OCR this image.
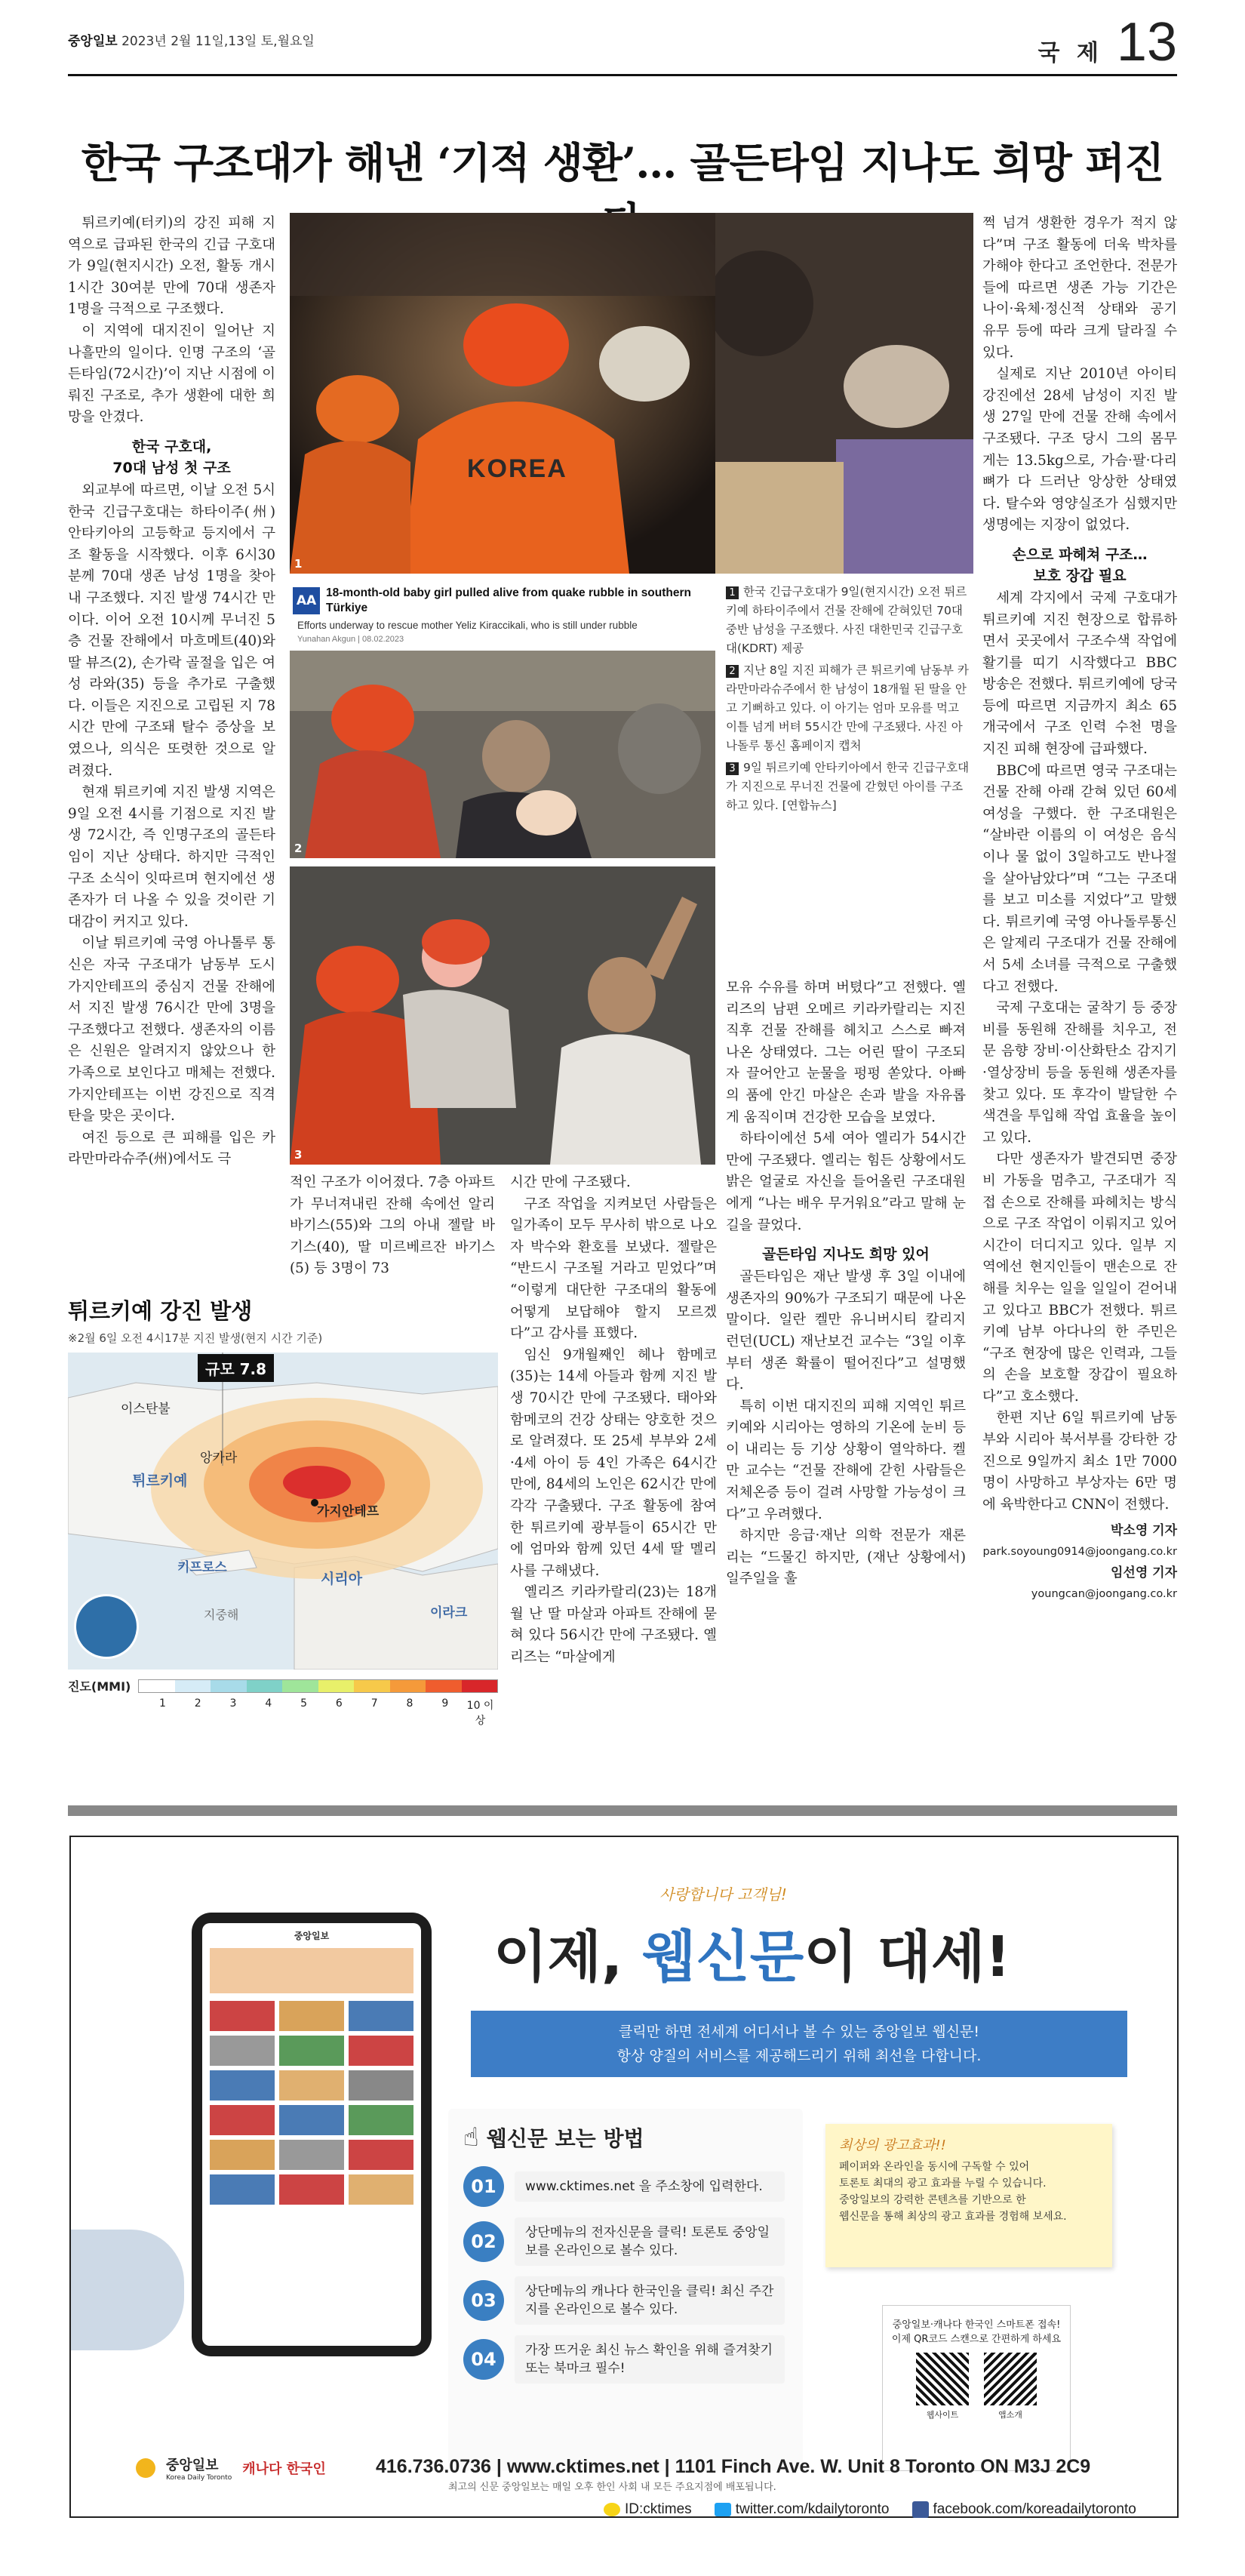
중앙일보 2023년 2월 11일,13일 토,월요일	국 제 13
한국 구조대가 해낸 ‘기적 생환’… 골든타임 지나도 희망 퍼진

튀르키예(터키)의 강진 피해 지역으로 급파된 한국의 긴급 구호대가 9일(현지시간) 오전, 활동 개시 1시간 30여분 만에 70대 생존자 1명을 극적으로 구조했다.

이 지역에 대지진이 일어난 지 나흘만의 일이다. 인명 구조의 ‘골든타임(72시간)’이 지난 시점에 이뤄진 구조로, 추가 생환에 대한 희망을 안겼다.

한국 구호대,
70대 남성 첫 구조

외교부에 따르면, 이날 오전 5시 한국 긴급구호대는 하타이주(州) 안타키아의 고등학교 등지에서 구조 활동을 시작했다. 이후 6시30분께 70대 생존 남성 1명을 찾아내 구조했다. 지진 발생 74시간 만이다. 이어 오전 10시께 무너진 5층 건물 잔해에서 마흐메트(40)와 딸 뷰즈(2), 손가락 골절을 입은 여성 라와(35) 등을 추가로 구출했다. 이들은 지진으로 고립된 지 78시간 만에 구조돼 탈수 증상을 보였으나, 의식은 또렷한 것으로 알려졌다.

현재 튀르키예 지진 발생 지역은 9일 오전 4시를 기점으로 지진 발생 72시간, 즉 인명구조의 골든타임이 지난 상태다. 하지만 극적인 구조 소식이 잇따르며 현지에선 생존자가 더 나올 수 있을 것이란 기대감이 커지고 있다.

이날 튀르키예 국영 아나톨루 통신은 자국 구조대가 남동부 도시 가지안테프의 중심지 건물 잔해에서 지진 발생 76시간 만에 3명을 구조했다고 전했다. 생존자의 이름은 신원은 알려지지 않았으나 한 가족으로 보인다고 매체는 전했다. 가지안테프는 이번 강진으로 직격탄을 맞은 곳이다.

여진 등으로 큰 피해를 입은 카라만마라슈주(州)에서도 극

KOREA
1
AA
18-month-old baby girl pulled alive from quake rubble in southern Türkiye
Efforts underway to rescue mother Yeliz Kiraccikali, who is still under rubble
Yunahan Akgun | 08.02.2023
2
3
1 한국 긴급구호대가 9일(현지시간) 오전 튀르키예 하타이주에서 건물 잔해에 갇혀있던 70대 중반 남성을 구조했다. 사진 대한민국 긴급구호대(KDRT) 제공
2 지난 8일 지진 피해가 큰 튀르키예 남동부 카라만마라슈주에서 한 남성이 18개월 된 딸을 안고 기뻐하고 있다. 이 아기는 엄마 모유를 먹고 이틀 넘게 버텨 55시간 만에 구조됐다. 사진 아나돌루 통신 홈페이지 캡처
3 9일 튀르키예 안타키아에서 한국 긴급구호대가 지진으로 무너진 건물에 갇혔던 아이를 구조하고 있다. [연합뉴스]

적인 구조가 이어졌다. 7층 아파트가 무너져내린 잔해 속에선 알리 바기스(55)와 그의 아내 젤랄 바기스(40), 딸 미르베르잔 바기스(5) 등 3명이 73

시간 만에 구조됐다.

구조 작업을 지켜보던 사람들은 일가족이 모두 무사히 밖으로 나오자 박수와 환호를 보냈다. 젤랄은 “반드시 구조될 거라고 믿었다”며 “이렇게 대단한 구조대의 활동에 어떻게 보답해야 할지 모르겠다”고 감사를 표했다.

임신 9개월째인 헤나 함메코(35)는 14세 아들과 함께 지진 발생 70시간 만에 구조됐다. 태아와 함메코의 건강 상태는 양호한 것으로 알려졌다. 또 25세 부부와 2세·4세 아이 등 4인 가족은 64시간 만에, 84세의 노인은 62시간 만에 각각 구출됐다. 구조 활동에 참여한 튀르키예 광부들이 65시간 만에 엄마와 함께 있던 4세 딸 멜리사를 구해냈다.

옐리즈 키라카랄리(23)는 18개월 난 딸 마살과 아파트 잔해에 묻혀 있다 56시간 만에 구조됐다. 옐리즈는 “마살에게

모유 수유를 하며 버텼다”고 전했다. 옐리즈의 남편 오메르 키라카랄리는 지진 직후 건물 잔해를 헤치고 스스로 빠져 나온 상태였다. 그는 어린 딸이 구조되자 끌어안고 눈물을 펑펑 쏟았다. 아빠의 품에 안긴 마살은 손과 발을 자유롭게 움직이며 건강한 모습을 보였다.

하타이에선 5세 여아 엘리가 54시간 만에 구조됐다. 엘리는 힘든 상황에서도 밝은 얼굴로 자신을 들어올린 구조대원에게 “나는 배우 무거워요”라고 말해 눈길을 끌었다.

골든타임 지나도 희망 있어

골든타임은 재난 발생 후 3일 이내에 생존자의 90%가 구조되기 때문에 나온 말이다. 일란 켈만 유니버시티 칼리지 런던(UCL) 재난보건 교수는 “3일 이후부터 생존 확률이 떨어진다”고 설명했다.

특히 이번 대지진의 피해 지역인 튀르키예와 시리아는 영하의 기온에 눈비 등이 내리는 등 기상 상황이 열악하다. 켈만 교수는 “건물 잔해에 갇힌 사람들은 저체온증 등이 걸려 사망할 가능성이 크다”고 우려했다.

하지만 응급·재난 의학 전문가 재론 리는 “드물긴 하지만, (재난 상황에서) 일주일을 훌

쩍 넘겨 생환한 경우가 적지 않다”며 구조 활동에 더욱 박차를 가해야 한다고 조언한다. 전문가들에 따르면 생존 가능 기간은 나이·육체·정신적 상태와 공기 유무 등에 따라 크게 달라질 수 있다.

실제로 지난 2010년 아이티 강진에선 28세 남성이 지진 발생 27일 만에 건물 잔해 속에서 구조됐다. 구조 당시 그의 몸무게는 13.5kg으로, 가슴·팔·다리뼈가 다 드러난 앙상한 상태였다. 탈수와 영양실조가 심했지만 생명에는 지장이 없었다.

손으로 파헤쳐 구조…
보호 장갑 필요

세계 각지에서 국제 구호대가 튀르키예 지진 현장으로 합류하면서 곳곳에서 구조수색 작업에 활기를 띠기 시작했다고 BBC 방송은 전했다. 튀르키예에 당국 등에 따르면 지금까지 최소 65개국에서 구조 인력 수천 명을 지진 피해 현장에 급파했다.

BBC에 따르면 영국 구조대는 건물 잔해 아래 갇혀 있던 60세 여성을 구했다. 한 구조대원은 “살바란 이름의 이 여성은 음식이나 물 없이 3일하고도 반나절을 살아남았다”며 “그는 구조대를 보고 미소를 지었다”고 말했다. 튀르키예 국영 아나돌루통신은 알제리 구조대가 건물 잔해에서 5세 소녀를 극적으로 구출했다고 전했다.

국제 구호대는 굴착기 등 중장비를 동원해 잔해를 치우고, 전문 음향 장비·이산화탄소 감지기·열상장비 등을 동원해 생존자를 찾고 있다. 또 후각이 발달한 수색견을 투입해 작업 효율을 높이고 있다.

다만 생존자가 발견되면 중장비 가동을 멈추고, 구조대가 직접 손으로 잔해를 파헤치는 방식으로 구조 작업이 이뤄지고 있어 시간이 더디지고 있다. 일부 지역에선 현지인들이 맨손으로 잔해를 치우는 일을 일일이 걷어내고 있다고 BBC가 전했다. 튀르키예 남부 아다나의 한 주민은 “구조 현장에 많은 인력과, 그들의 손을 보호할 장갑이 필요하다”고 호소했다.

한편 지난 6일 튀르키예 남동부와 시리아 북서부를 강타한 강진으로 9일까지 최소 1만 7000명이 사망하고 부상자는 6만 명에 육박한다고 CNN이 전했다.

박소영 기자
park.soyoung0914@joongang.co.kr
임선영 기자
youngcan@joongang.co.kr
튀르키예 강진 발생
※2월 6일 오전 4시17분 지진 발생(현지 시간 기준)
규모 7.8
이스탄불
앙카라
튀르키예
가지안테프
키프로스
시리아
이라크
지중해
진도(MMI)
1	2	3	4	5	6	7	8	9	10 이상
중앙일보
사랑합니다 고객님!
이제, 웹신문이 대세!
클릭만 하면 전세계 어디서나 볼 수 있는 중앙일보 웹신문!
항상 양질의 서비스를 제공해드리기 위해 최선을 다합니다.
☝ 웹신문 보는 방법
01	www.cktimes.net 을 주소창에 입력한다.
02	상단메뉴의 전자신문을 클릭! 토론토 중앙일보를 온라인으로 볼수 있다.
03	상단메뉴의 캐나다 한국인을 클릭! 최신 주간지를 온라인으로 볼수 있다.
04	가장 뜨거운 최신 뉴스 확인을 위해 즐겨찾기 또는 북마크 필수!
최상의 광고효과!!
페이퍼와 온라인을 동시에 구독할 수 있어
토론토 최대의 광고 효과를 누릴 수 있습니다.
중앙일보의 강력한 콘텐츠를 기반으로 한
웹신문을 통해 최상의 광고 효과를 경험해 보세요.
중앙일보·캐나다 한국인 스마트폰 접속!
이제 QR코드 스캔으로 간편하게 하세요
웹사이트	앱소개
최고의 신문 중앙일보는 매일 오후 한인 사회 내 모든 주요지점에 배포됩니다.
중앙일보
Korea Daily Toronto
캐나다 한국인	416.736.0736 | www.cktimes.net | 1101 Finch Ave. W. Unit 8 Toronto ON M3J 2C9
ID:cktimes	twitter.com/kdailytoronto	facebook.com/koreadailytoronto
